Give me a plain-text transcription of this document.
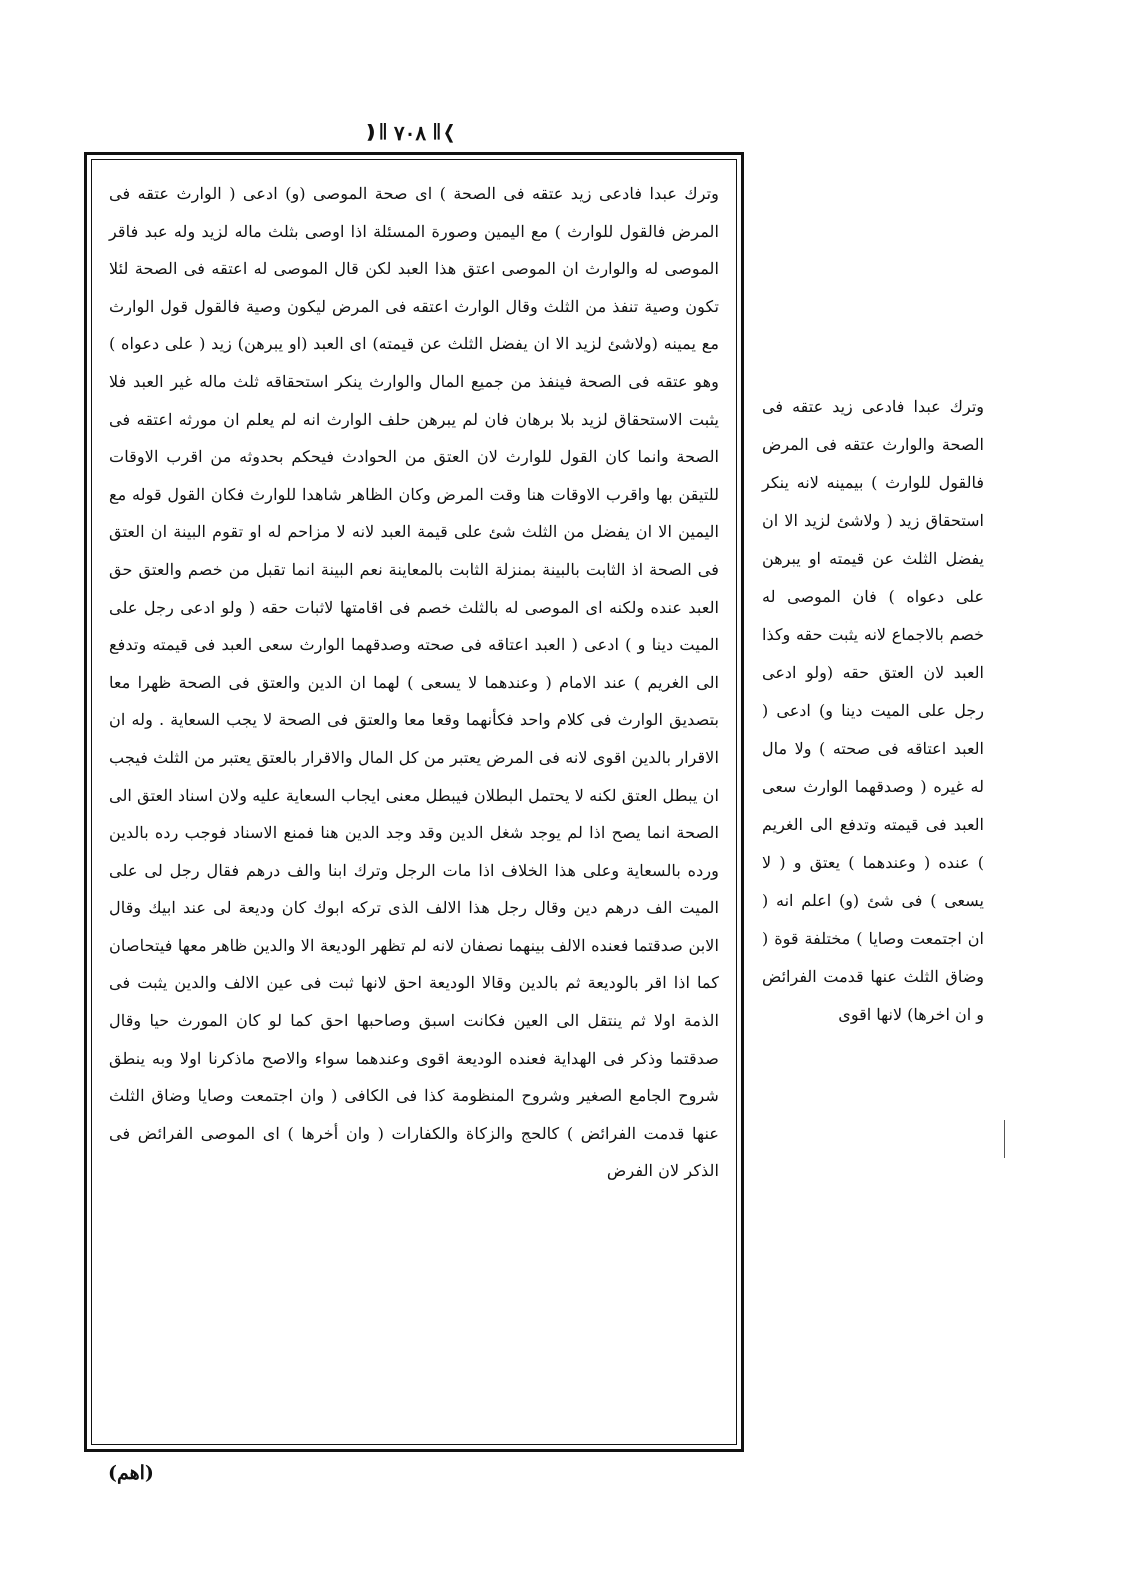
❫∥ ٧٠٨ ∥❬

وترك عبدا فادعى زيد عتقه فى الصحة ) اى صحة الموصى (و) ادعى ( الوارث عتقه فى المرض فالقول للوارث ) مع اليمين وصورة المسئلة اذا اوصى بثلث ماله لزيد وله عبد فاقر الموصى له والوارث ان الموصى اعتق هذا العبد لكن قال الموصى له اعتقه فى الصحة لئلا تكون وصية تنفذ من الثلث وقال الوارث اعتقه فى المرض ليكون وصية فالقول قول الوارث مع يمينه (ولاشئ لزيد الا ان يفضل الثلث عن قيمته) اى العبد (او يبرهن) زيد ( على دعواه ) وهو عتقه فى الصحة فينفذ من جميع المال والوارث ينكر استحقاقه ثلث ماله غير العبد فلا يثبت الاستحقاق لزيد بلا برهان فان لم يبرهن حلف الوارث انه لم يعلم ان مورثه اعتقه فى الصحة وانما كان القول للوارث لان العتق من الحوادث فيحكم بحدوثه من اقرب الاوقات للتيقن بها واقرب الاوقات هنا وقت المرض وكان الظاهر شاهدا للوارث فكان القول قوله مع اليمين الا ان يفضل من الثلث شئ على قيمة العبد لانه لا مزاحم له او تقوم البينة ان العتق فى الصحة اذ الثابت بالبينة بمنزلة الثابت بالمعاينة نعم البينة انما تقبل من خصم والعتق حق العبد عنده ولكنه اى الموصى له بالثلث خصم فى اقامتها لاثبات حقه ( ولو ادعى رجل على الميت دينا و ) ادعى ( العبد اعتاقه فى صحته وصدقهما الوارث سعى العبد فى قيمته وتدفع الى الغريم ) عند الامام ( وعندهما لا يسعى ) لهما ان الدين والعتق فى الصحة ظهرا معا بتصديق الوارث فى كلام واحد فكأنهما وقعا معا والعتق فى الصحة لا يجب السعاية . وله ان الاقرار بالدين اقوى لانه فى المرض يعتبر من كل المال والاقرار بالعتق يعتبر من الثلث فيجب ان يبطل العتق لكنه لا يحتمل البطلان فيبطل معنى ايجاب السعاية عليه ولان اسناد العتق الى الصحة انما يصح اذا لم يوجد شغل الدين وقد وجد الدين هنا فمنع الاسناد فوجب رده بالدين ورده بالسعاية وعلى هذا الخلاف اذا مات الرجل وترك ابنا والف درهم فقال رجل لى على الميت الف درهم دين وقال رجل هذا الالف الذى تركه ابوك كان وديعة لى عند ابيك وقال الابن صدقتما فعنده الالف بينهما نصفان لانه لم تظهر الوديعة الا والدين ظاهر معها فيتحاصان كما اذا اقر بالوديعة ثم بالدين وقالا الوديعة احق لانها ثبت فى عين الالف والدين يثبت فى الذمة اولا ثم ينتقل الى العين فكانت اسبق وصاحبها احق كما لو كان المورث حيا وقال صدقتما وذكر فى الهداية فعنده الوديعة اقوى وعندهما سواء والاصح ماذكرنا اولا وبه ينطق شروح الجامع الصغير وشروح المنظومة كذا فى الكافى ( وان اجتمعت وصايا وضاق الثلث عنها قدمت الفرائض ) كالحج والزكاة والكفارات ( وان أخرها ) اى الموصى الفرائض فى الذكر لان الفرض

وترك عبدا فادعى زيد عتقه فى الصحة والوارث عتقه فى المرض فالقول للوارث ) بيمينه لانه ينكر استحقاق زيد ( ولاشئ لزيد الا ان يفضل الثلث عن قيمته او يبرهن على دعواه ) فان الموصى له خصم بالاجماع لانه يثبت حقه وكذا العبد لان العتق حقه (ولو ادعى رجل على الميت دينا و) ادعى ( العبد اعتاقه فى صحته ) ولا مال له غيره ( وصدقهما الوارث سعى العبد فى قيمته وتدفع الى الغريم ) عنده ( وعندهما ) يعتق و ( لا يسعى ) فى شئ (و) اعلم انه ( ان اجتمعت وصايا ) مختلفة قوة ( وضاق الثلث عنها قدمت الفرائض و ان اخرها) لانها اقوى

(اهم)
